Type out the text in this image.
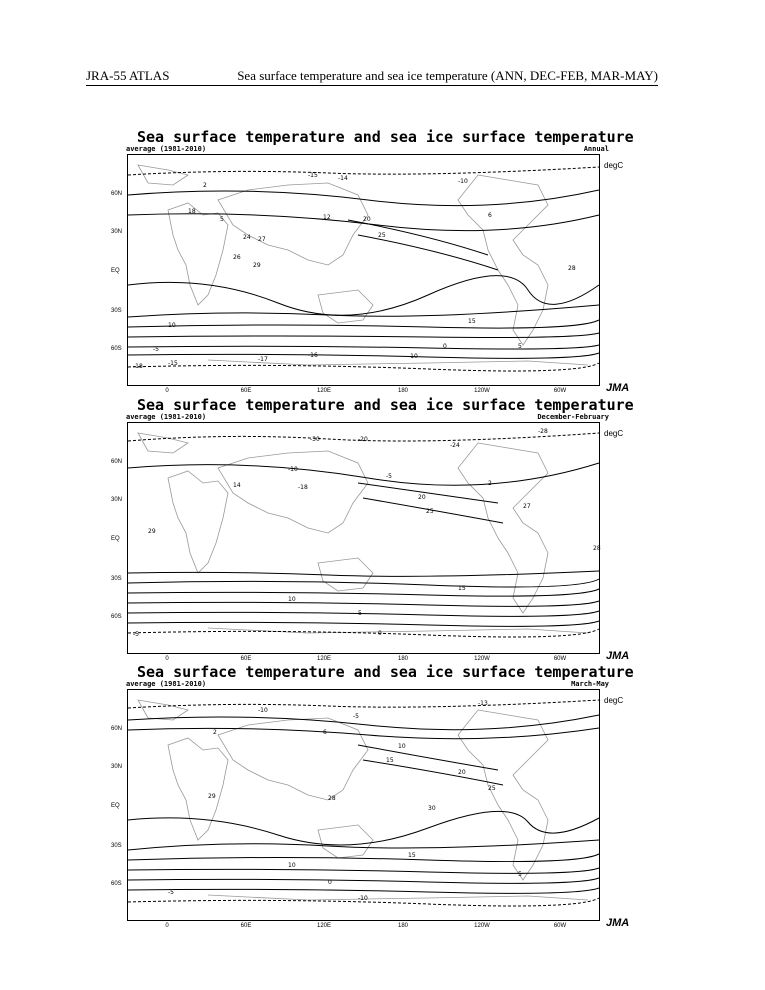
JRA-55 ATLAS	Sea surface temperature and sea ice temperature (ANN, DEC-FEB, MAR-MAY)
Sea surface temperature and sea ice surface temperature
average (1981-2010)	Annual
degC
-15	-14	-10
2
6
5	12
18
20
24	25
26
27
28
29
15
10
5
0
-5
-10
-15
-16
-17
-18
60N
30N
EQ
30S
60S
0	60E	120E	180	120W	60W	JMA
Sea surface temperature and sea ice surface temperature
average (1981-2010)	December-February
degC
-30	-20
-24
-28
-5
-10
-18
2
14
20
25
27
28
29
15
10
5
0
-5
60N
30N
EQ
30S
60S
0	60E	120E	180	120W	60W	JMA
Sea surface temperature and sea ice surface temperature
average (1981-2010)	March-May
degC
-13
-10
-5
2	6
10
15
20
25
28
29
30
15
10
5
0
-5
-10
60N
30N
EQ
30S
60S
0	60E	120E	180	120W	60W	JMA
